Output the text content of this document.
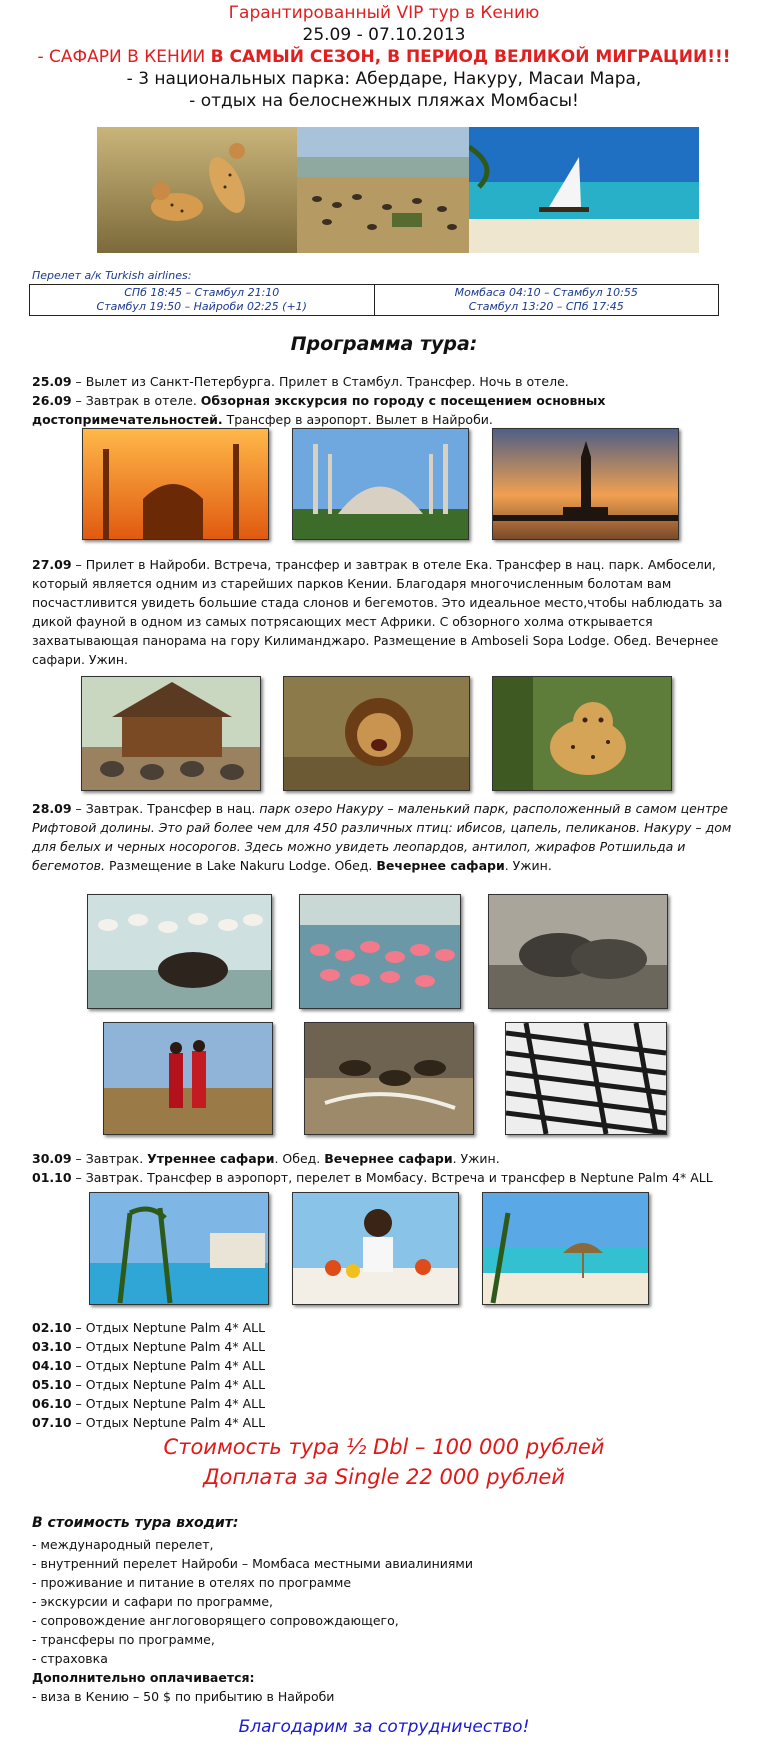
Гарантированный VIP тур в Кению
25.09 - 07.10.2013
- САФАРИ В КЕНИИ В САМЫЙ СЕЗОН, В ПЕРИОД ВЕЛИКОЙ МИГРАЦИИ!!!
- 3 национальных парка: Абердаре, Накуру, Масаи Мара,
- отдых на белоснежных пляжах Момбасы!
Перелет а/к Turkish airlines:
СПб 18:45 – Стамбул 21:10
Стамбул 19:50 – Найроби 02:25 (+1)

Момбаса 04:10 – Стамбул 10:55
Стамбул 13:20 – СПб 17:45
Программа тура:
25.09 – Вылет из Санкт-Петербурга. Прилет в Стамбул. Трансфер. Ночь в отеле.
26.09 – Завтрак в отеле. Обзорная экскурсия по городу с посещением основных достопримечательностей. Трансфер в аэропорт. Вылет в Найроби.
27.09 – Прилет в Найроби. Встреча, трансфер и завтрак в отеле Ека. Трансфер в нац. парк. Амбосели, который является одним из старейших парков Кении. Благодаря многочисленным болотам вам посчастливится увидеть большие стада слонов и бегемотов. Это идеальное место,чтобы наблюдать за дикой фауной в одном из самых потрясающих мест Африки. С обзорного холма открывается захватывающая панорама на гору Килиманджаро. Размещение в Amboseli Sopa Lodge. Обед. Вечернее сафари. Ужин.
28.09 – Завтрак. Трансфер в нац. парк озеро Накуру – маленький парк, расположенный в самом центре Рифтовой долины. Это рай более чем для 450 различных птиц: ибисов, цапель, пеликанов. Накуру – дом для белых и черных носорогов. Здесь можно увидеть леопардов, антилоп, жирафов Ротшильда и бегемотов. Размещение в Lake Nakuru Lodge. Обед. Вечернее сафари. Ужин.
30.09 – Завтрак. Утреннее сафари. Обед. Вечернее сафари. Ужин.
01.10 – Завтрак. Трансфер в аэропорт, перелет в Момбасу. Встреча и трансфер в Neptune Palm 4* ALL
02.10 – Отдых Neptune Palm 4* ALL
03.10 – Отдых Neptune Palm 4* ALL
04.10 – Отдых Neptune Palm 4* ALL
05.10 – Отдых Neptune Palm 4* ALL
06.10 – Отдых Neptune Palm 4* ALL
07.10 – Отдых Neptune Palm 4* ALL
Стоимость тура ½ Dbl – 100 000 рублей
Доплата за Single 22 000 рублей
В стоимость тура входит:
- международный перелет,
- внутренний перелет Найроби – Момбаса местными авиалиниями
- проживание и питание в отелях по программе
- экскурсии и сафари по программе,
- сопровождение англоговорящего сопровождающего,
- трансферы по программе,
- страховка
Дополнительно оплачивается:
- виза в Кению – 50 $ по прибытию в Найроби
Благодарим за сотрудничество!
